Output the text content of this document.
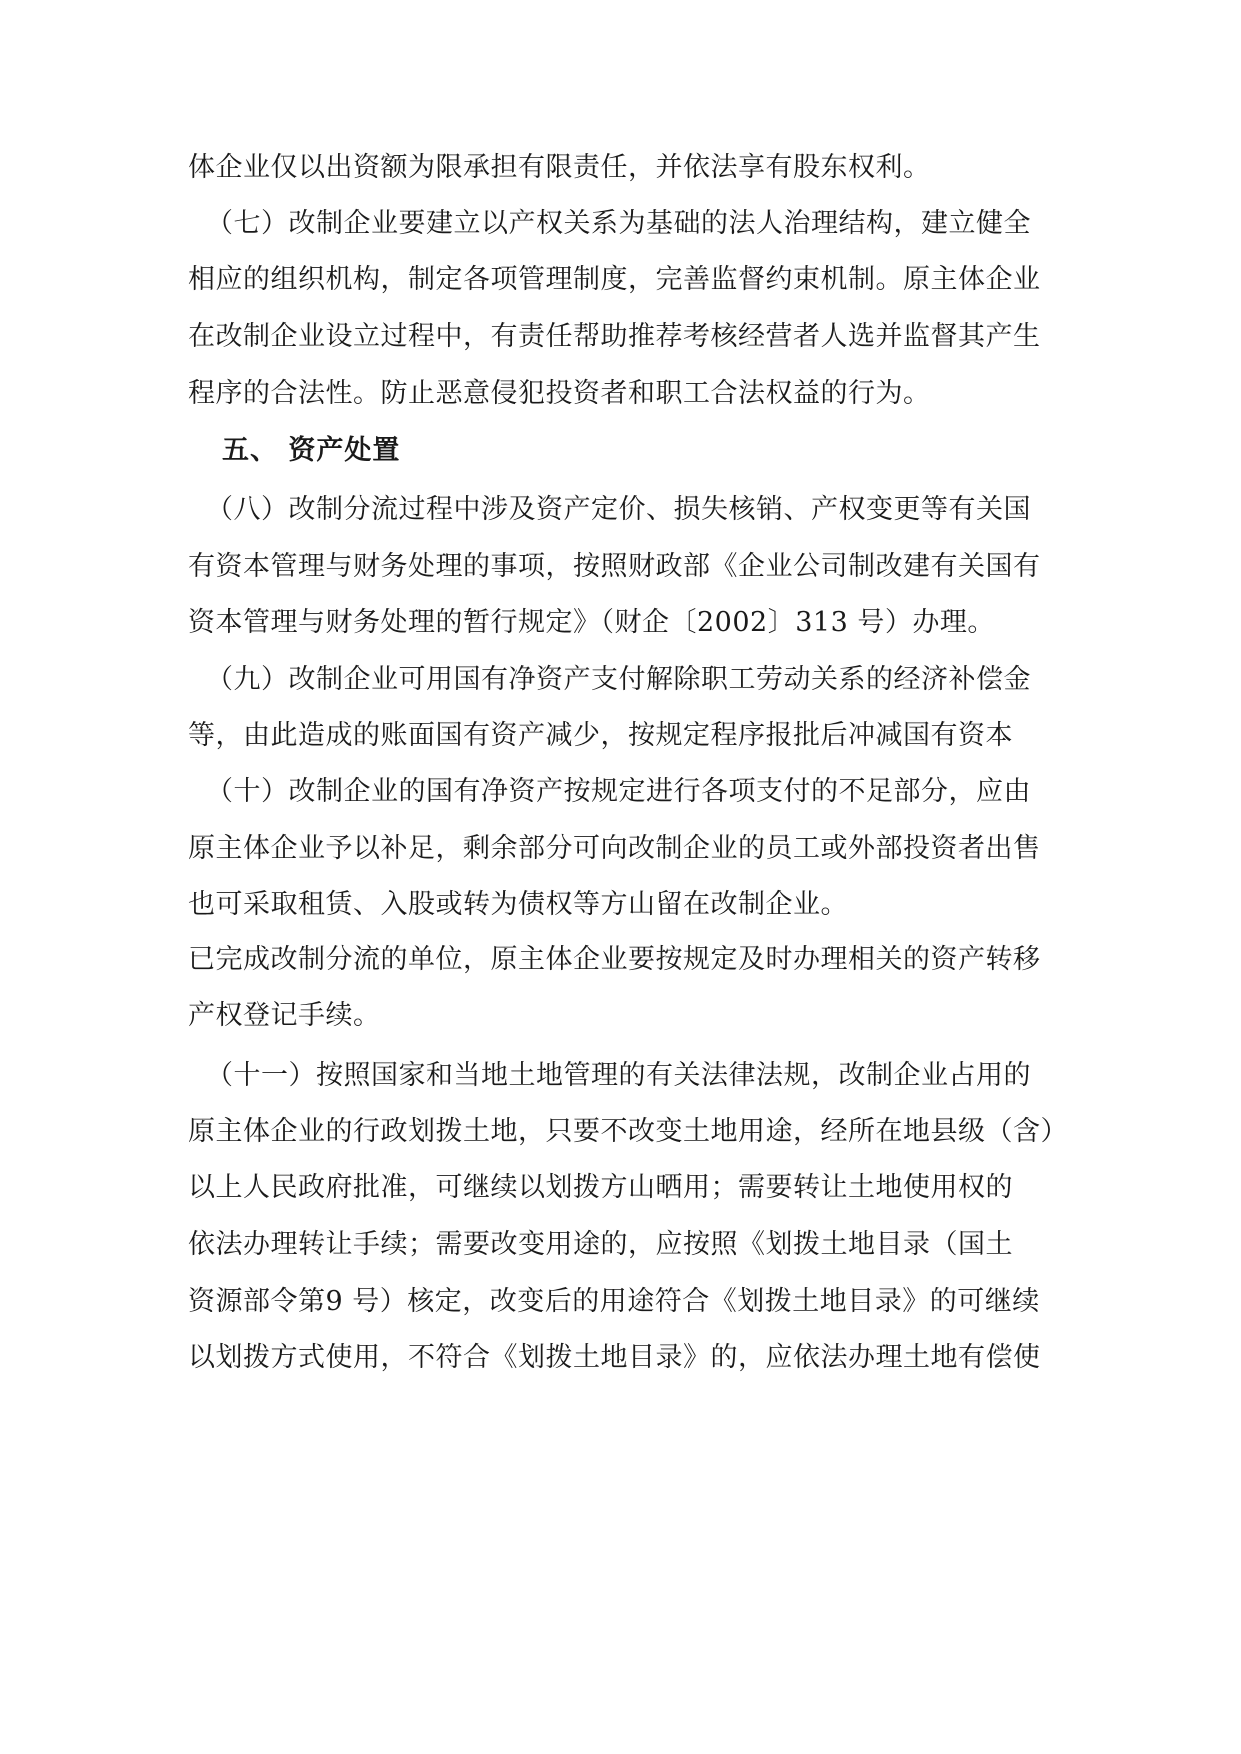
体企业仅以出资额为限承担有限责任，并依法享有股东权利。
（七）改制企业要建立以产权关系为基础的法人治理结构，建立健全
相应的组织机构，制定各项管理制度，完善监督约束机制。原主体企业
在改制企业设立过程中，有责任帮助推荐考核经营者人选并监督其产生
程序的合法性。防止恶意侵犯投资者和职工合法权益的行为。
五、 资产处置
（八）改制分流过程中涉及资产定价、损失核销、产权变更等有关国
有资本管理与财务处理的事项，按照财政部《企业公司制改建有关国有
资本管理与财务处理的暂行规定》（财企〔2002〕313 号）办理。
（九）改制企业可用国有净资产支付解除职工劳动关系的经济补偿金
等，由此造成的账面国有资产减少，按规定程序报批后冲减国有资本
（十）改制企业的国有净资产按规定进行各项支付的不足部分，应由
原主体企业予以补足，剩余部分可向改制企业的员工或外部投资者出售
也可采取租赁、入股或转为债权等方山留在改制企业。
已完成改制分流的单位，原主体企业要按规定及时办理相关的资产转移
产权登记手续。
（十一）按照国家和当地土地管理的有关法律法规，改制企业占用的
原主体企业的行政划拨土地，只要不改变土地用途，经所在地县级（含）
以上人民政府批准，可继续以划拨方山晒用；需要转让土地使用权的
依法办理转让手续；需要改变用途的，应按照《划拨土地目录（国土
资源部令第9 号）核定，改变后的用途符合《划拨土地目录》的可继续
以划拨方式使用，不符合《划拨土地目录》的，应依法办理土地有偿使
